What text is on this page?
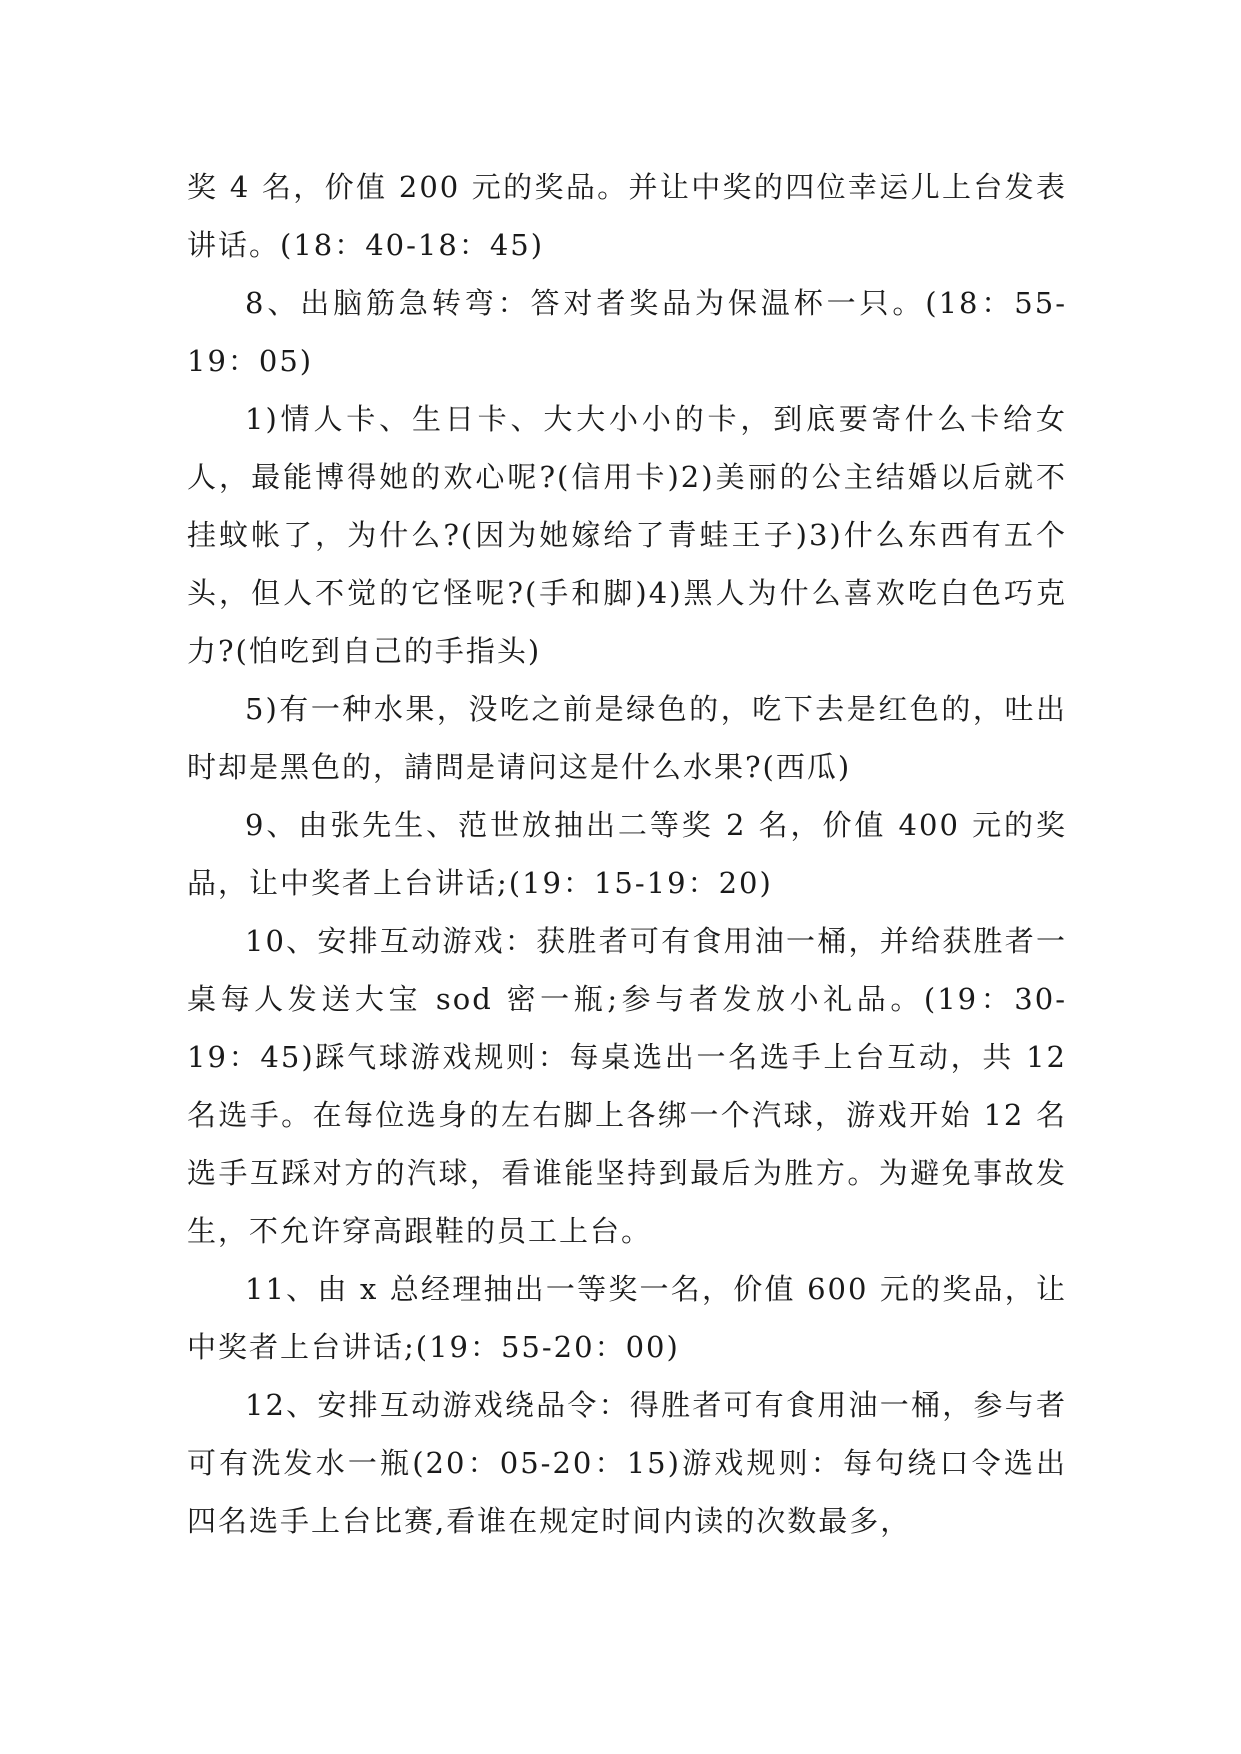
奖 4 名，价值 200 元的奖品。并让中奖的四位幸运儿上台发表讲话。(18：40-18：45)

8、出脑筋急转弯：答对者奖品为保温杯一只。(18：55-19：05)

1)情人卡、生日卡、大大小小的卡，到底要寄什么卡给女人，最能博得她的欢心呢?(信用卡)2)美丽的公主结婚以后就不挂蚊帐了，为什么?(因为她嫁给了青蛙王子)3)什么东西有五个头，但人不觉的它怪呢?(手和脚)4)黑人为什么喜欢吃白色巧克力?(怕吃到自己的手指头)

5)有一种水果，没吃之前是绿色的，吃下去是红色的，吐出时却是黑色的，請問是请问这是什么水果?(西瓜)

9、由张先生、范世放抽出二等奖 2 名，价值 400 元的奖品，让中奖者上台讲话;(19：15-19：20)

10、安排互动游戏：获胜者可有食用油一桶，并给获胜者一桌每人发送大宝 sod 密一瓶;参与者发放小礼品。(19：30-19：45)踩气球游戏规则：每桌选出一名选手上台互动，共 12 名选手。在每位选身的左右脚上各绑一个汽球，游戏开始 12 名选手互踩对方的汽球，看谁能坚持到最后为胜方。为避免事故发生，不允许穿高跟鞋的员工上台。

11、由 x 总经理抽出一等奖一名，价值 600 元的奖品，让中奖者上台讲话;(19：55-20：00)

12、安排互动游戏绕品令：得胜者可有食用油一桶，参与者可有洗发水一瓶(20：05-20：15)游戏规则：每句绕口令选出四名选手上台比赛,看谁在规定时间内读的次数最多，
